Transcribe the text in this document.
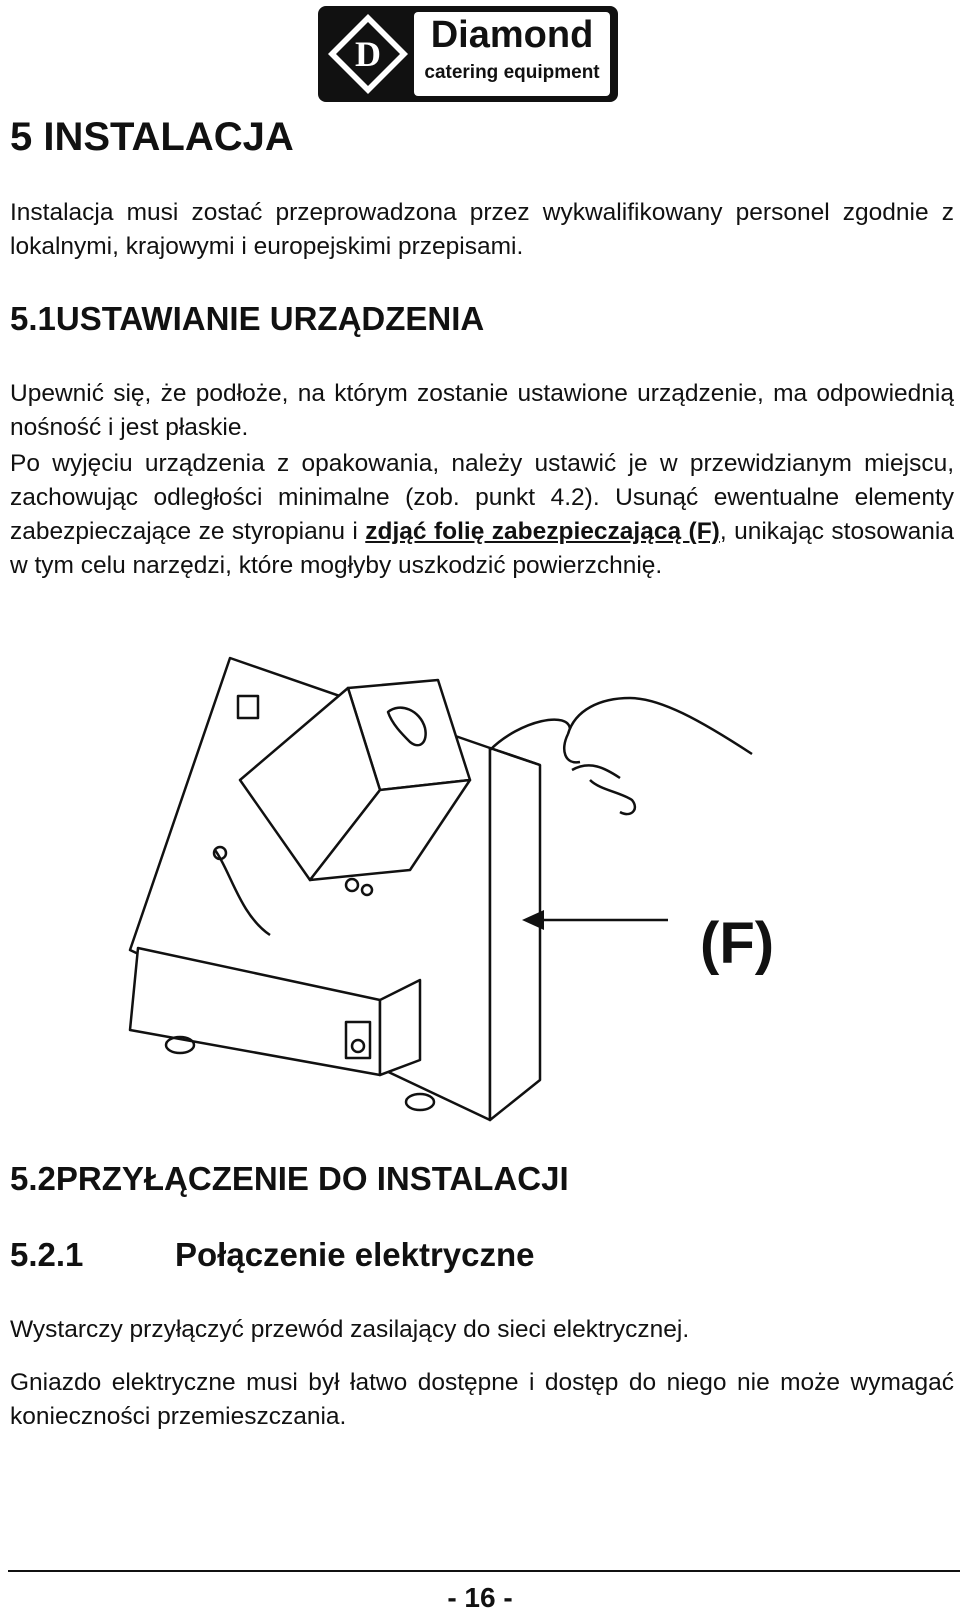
D	Diamond
catering equipment
5 INSTALACJA
Instalacja musi zostać przeprowadzona przez wykwalifikowany personel zgodnie z lokalnymi, krajowymi i europejskimi przepisami.
5.1USTAWIANIE URZĄDZENIA
Upewnić się, że podłoże, na którym zostanie ustawione urządzenie, ma odpowiednią nośność i jest płaskie.
Po wyjęciu urządzenia z opakowania, należy ustawić je w przewidzianym miejscu, zachowując odległości minimalne (zob. punkt 4.2). Usunąć ewentualne elementy zabezpieczające ze styropianu i zdjąć folię zabezpieczającą (F), unikając stosowania w tym celu narzędzi, które mogłyby uszkodzić powierzchnię.
(F)
5.2PRZYŁĄCZENIE DO INSTALACJI
5.2.1	Połączenie elektryczne
Wystarczy przyłączyć przewód zasilający do sieci elektrycznej.
Gniazdo elektryczne musi był łatwo dostępne i dostęp do niego nie może wymagać konieczności przemieszczania.
- 16 -
